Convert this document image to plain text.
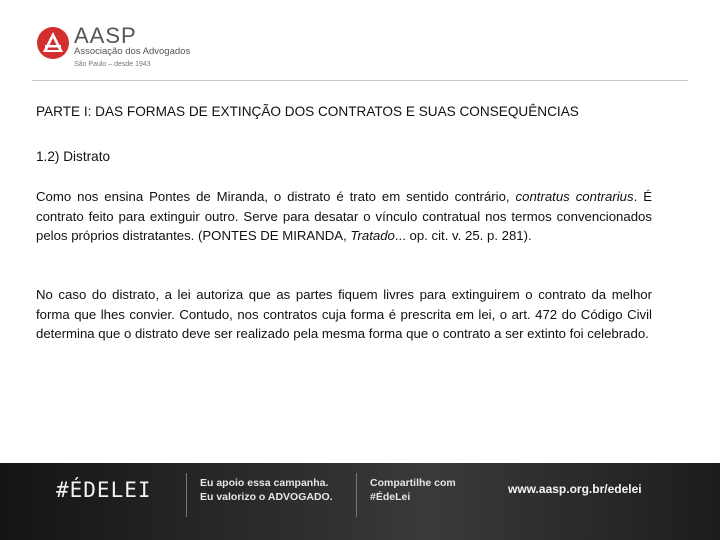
AASP
Associação dos Advogados
São Paulo – desde 1943
PARTE I: DAS FORMAS DE EXTINÇÃO DOS CONTRATOS E SUAS CONSEQUÊNCIAS
1.2) Distrato
Como nos ensina Pontes de Miranda, o distrato é trato em sentido contrário, contratus contrarius. É contrato feito para extinguir outro. Serve para desatar o vínculo contratual nos termos convencionados pelos próprios distratantes. (PONTES DE MIRANDA, Tratado... op. cit. v. 25. p. 281).
No caso do distrato, a lei autoriza que as partes fiquem livres para extinguirem o contrato da melhor forma que lhes convier. Contudo, nos contratos cuja forma é prescrita em lei, o art. 472 do Código Civil determina que o distrato deve ser realizado pela mesma forma que o contrato a ser extinto foi celebrado.
#ÉDELEI	Eu apoio essa campanha.
Eu valorizo o ADVOGADO.
Compartilhe com
#ÉdeLei
www.aasp.org.br/edelei
